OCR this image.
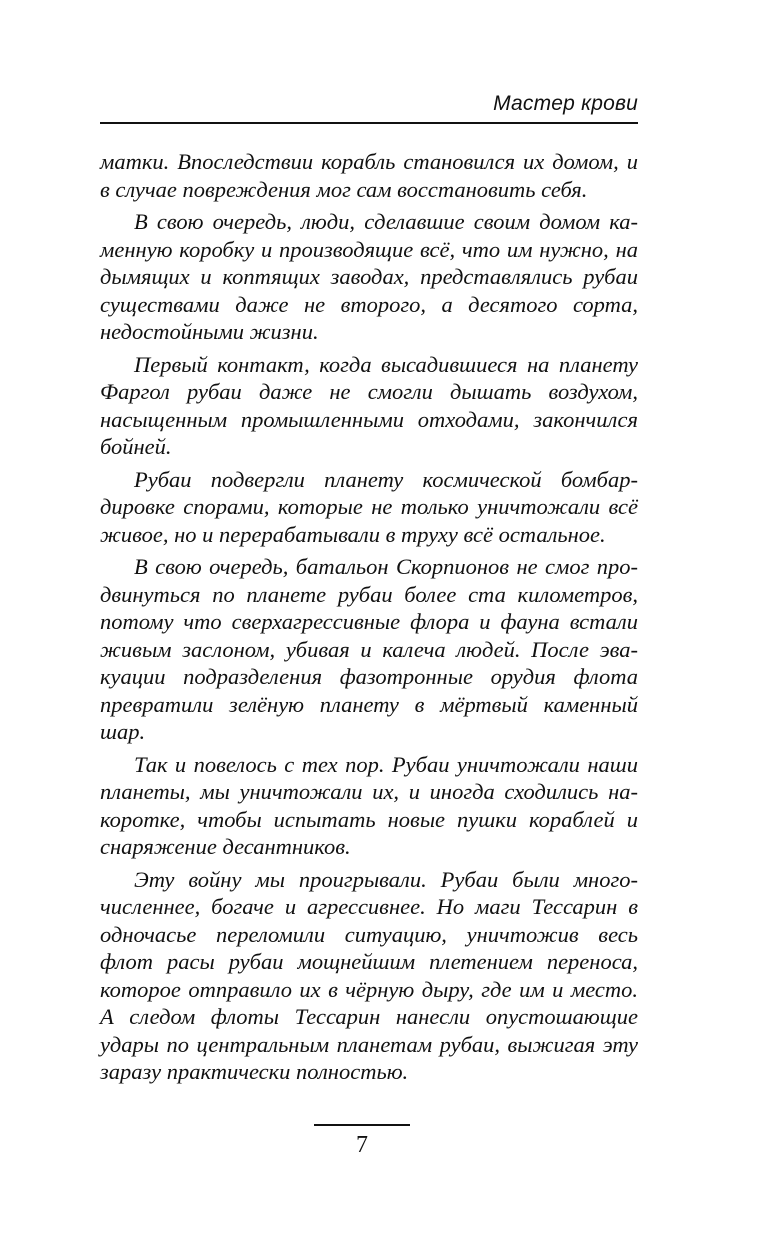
Мастер крови

матки. Впоследствии корабль становился их домом, и в случае повреждения мог сам восстановить себя.

В свою очередь, люди, сделавшие своим домом каменную коробку и производящие всё, что им нужно, на дымящих и коптящих заводах, представлялись рубаи существами даже не второго, а десятого сорта, недостойными жизни.

Первый контакт, когда высадившиеся на планету Фаргол рубаи даже не смогли дышать воздухом, насыщенным промышленными отходами, закончился бойней.

Рубаи подвергли планету космической бомбардировке спорами, которые не только уничтожали всё живое, но и перерабатывали в труху всё остальное.

В свою очередь, батальон Скорпионов не смог продвинуться по планете рубаи более ста километров, потому что сверхагрессивные флора и фауна встали живым заслоном, убивая и калеча людей. После эвакуации подразделения фазотронные орудия флота превратили зелёную планету в мёртвый каменный шар.

Так и повелось с тех пор. Рубаи уничтожали наши планеты, мы уничтожали их, и иногда сходились накоротке, чтобы испытать новые пушки кораблей и снаряжение десантников.

Эту войну мы проигрывали. Рубаи были многочисленнее, богаче и агрессивнее. Но маги Тессарин в одночасье переломили ситуацию, уничтожив весь флот расы рубаи мощнейшим плетением переноса, которое отправило их в чёрную дыру, где им и место. А следом флоты Тессарин нанесли опустошающие удары по центральным планетам рубаи, выжигая эту заразу практически полностью.

7
